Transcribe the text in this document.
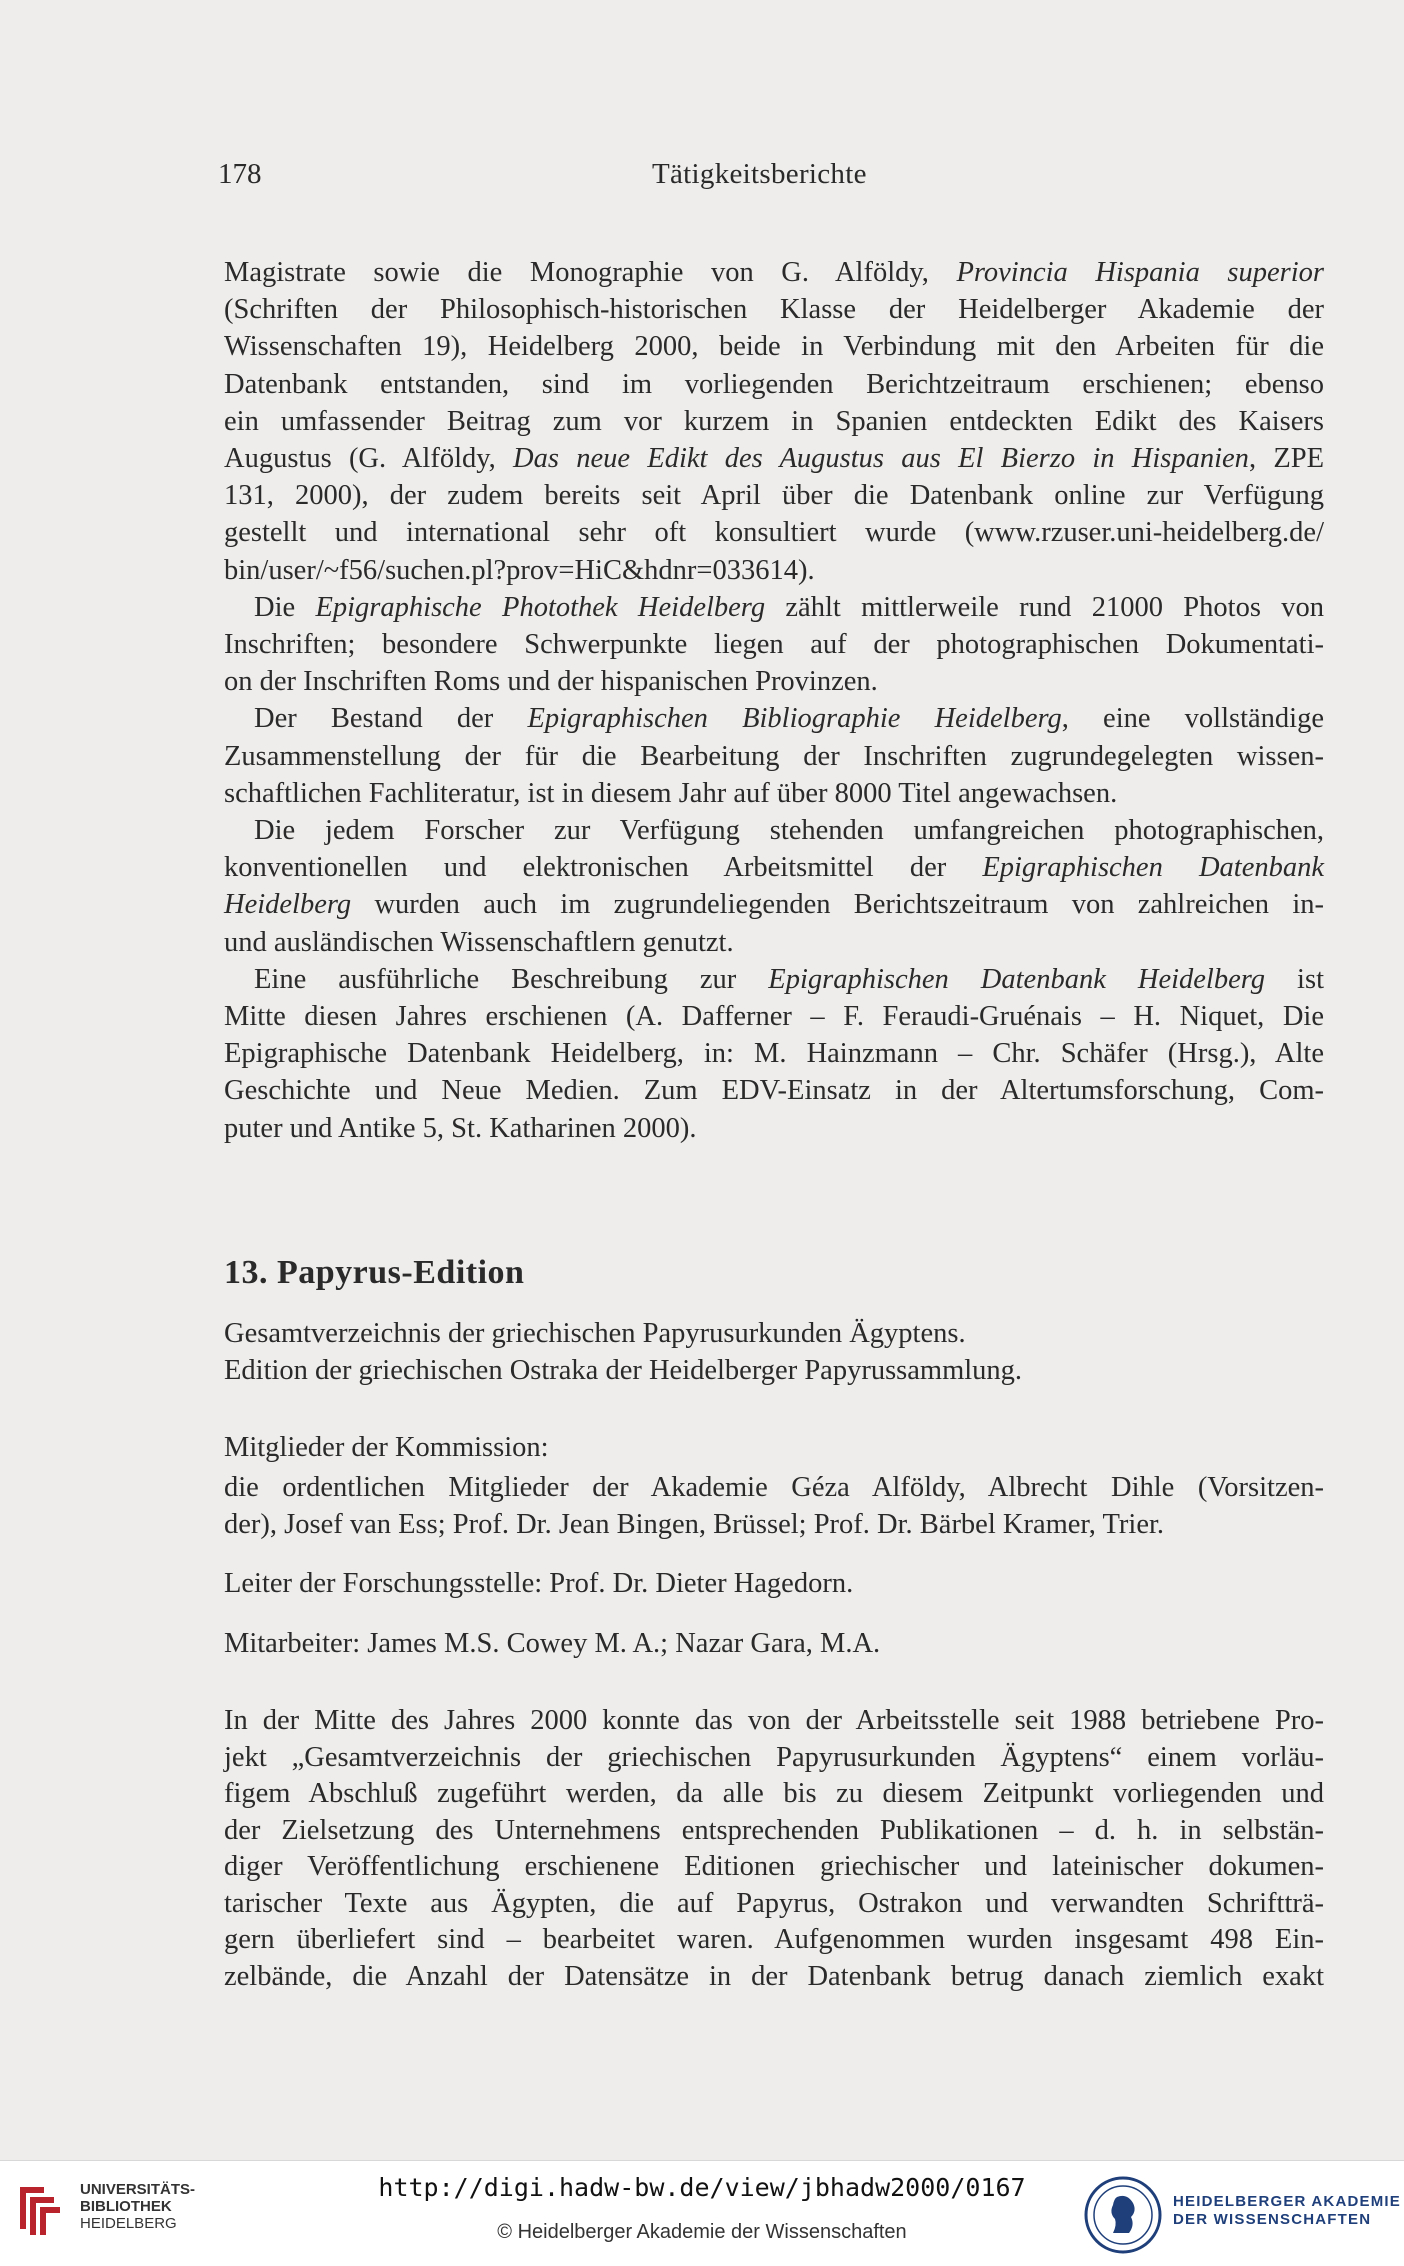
178	Tätigkeitsberichte

Magistrate sowie die Monographie von G. Alföldy, Provincia Hispania superior
(Schriften der Philosophisch-historischen Klasse der Heidelberger Akademie der
Wissenschaften 19), Heidelberg 2000, beide in Verbindung mit den Arbeiten für die
Datenbank entstanden, sind im vorliegenden Berichtzeitraum erschienen; ebenso
ein umfassender Beitrag zum vor kurzem in Spanien entdeckten Edikt des Kaisers
Augustus (G. Alföldy, Das neue Edikt des Augustus aus El Bierzo in Hispanien, ZPE
131, 2000), der zudem bereits seit April über die Datenbank online zur Verfügung
gestellt und international sehr oft konsultiert wurde (www.rzuser.uni-heidelberg.de/
bin/user/~f56/suchen.pl?prov=HiC&hdnr=033614).

Die Epigraphische Photothek Heidelberg zählt mittlerweile rund 21000 Photos von
Inschriften; besondere Schwerpunkte liegen auf der photographischen Dokumentati-
on der Inschriften Roms und der hispanischen Provinzen.

Der Bestand der Epigraphischen Bibliographie Heidelberg, eine vollständige
Zusammenstellung der für die Bearbeitung der Inschriften zugrundegelegten wissen-
schaftlichen Fachliteratur, ist in diesem Jahr auf über 8000 Titel angewachsen.

Die jedem Forscher zur Verfügung stehenden umfangreichen photographischen,
konventionellen und elektronischen Arbeitsmittel der Epigraphischen Datenbank
Heidelberg wurden auch im zugrundeliegenden Berichtszeitraum von zahlreichen in-
und ausländischen Wissenschaftlern genutzt.

Eine ausführliche Beschreibung zur Epigraphischen Datenbank Heidelberg ist
Mitte diesen Jahres erschienen (A. Dafferner – F. Feraudi-Gruénais – H. Niquet, Die
Epigraphische Datenbank Heidelberg, in: M. Hainzmann – Chr. Schäfer (Hrsg.), Alte
Geschichte und Neue Medien. Zum EDV-Einsatz in der Altertumsforschung, Com-
puter und Antike 5, St. Katharinen 2000).

13. Papyrus-Edition
Gesamtverzeichnis der griechischen Papyrusurkunden Ägyptens.
Edition der griechischen Ostraka der Heidelberger Papyrussammlung.
Mitglieder der Kommission:
die ordentlichen Mitglieder der Akademie Géza Alföldy, Albrecht Dihle (Vorsitzen-
der), Josef van Ess; Prof. Dr. Jean Bingen, Brüssel; Prof. Dr. Bärbel Kramer, Trier.
Leiter der Forschungsstelle: Prof. Dr. Dieter Hagedorn.
Mitarbeiter: James M.S. Cowey M. A.; Nazar Gara, M.A.
In der Mitte des Jahres 2000 konnte das von der Arbeitsstelle seit 1988 betriebene Pro-
jekt „Gesamtverzeichnis der griechischen Papyrusurkunden Ägyptens“ einem vorläu-
figem Abschluß zugeführt werden, da alle bis zu diesem Zeitpunkt vorliegenden und
der Zielsetzung des Unternehmens entsprechenden Publikationen – d. h. in selbstän-
diger Veröffentlichung erschienene Editionen griechischer und lateinischer dokumen-
tarischer Texte aus Ägypten, die auf Papyrus, Ostrakon und verwandten Schriftträ-
gern überliefert sind – bearbeitet waren. Aufgenommen wurden insgesamt 498 Ein-
zelbände, die Anzahl der Datensätze in der Datenbank betrug danach ziemlich exakt
UNIVERSITÄTS-
BIBLIOTHEK
HEIDELBERG
http://digi.hadw-bw.de/view/jbhadw2000/0167
© Heidelberger Akademie der Wissenschaften
HEIDELBERGER AKADEMIE
DER WISSENSCHAFTEN
